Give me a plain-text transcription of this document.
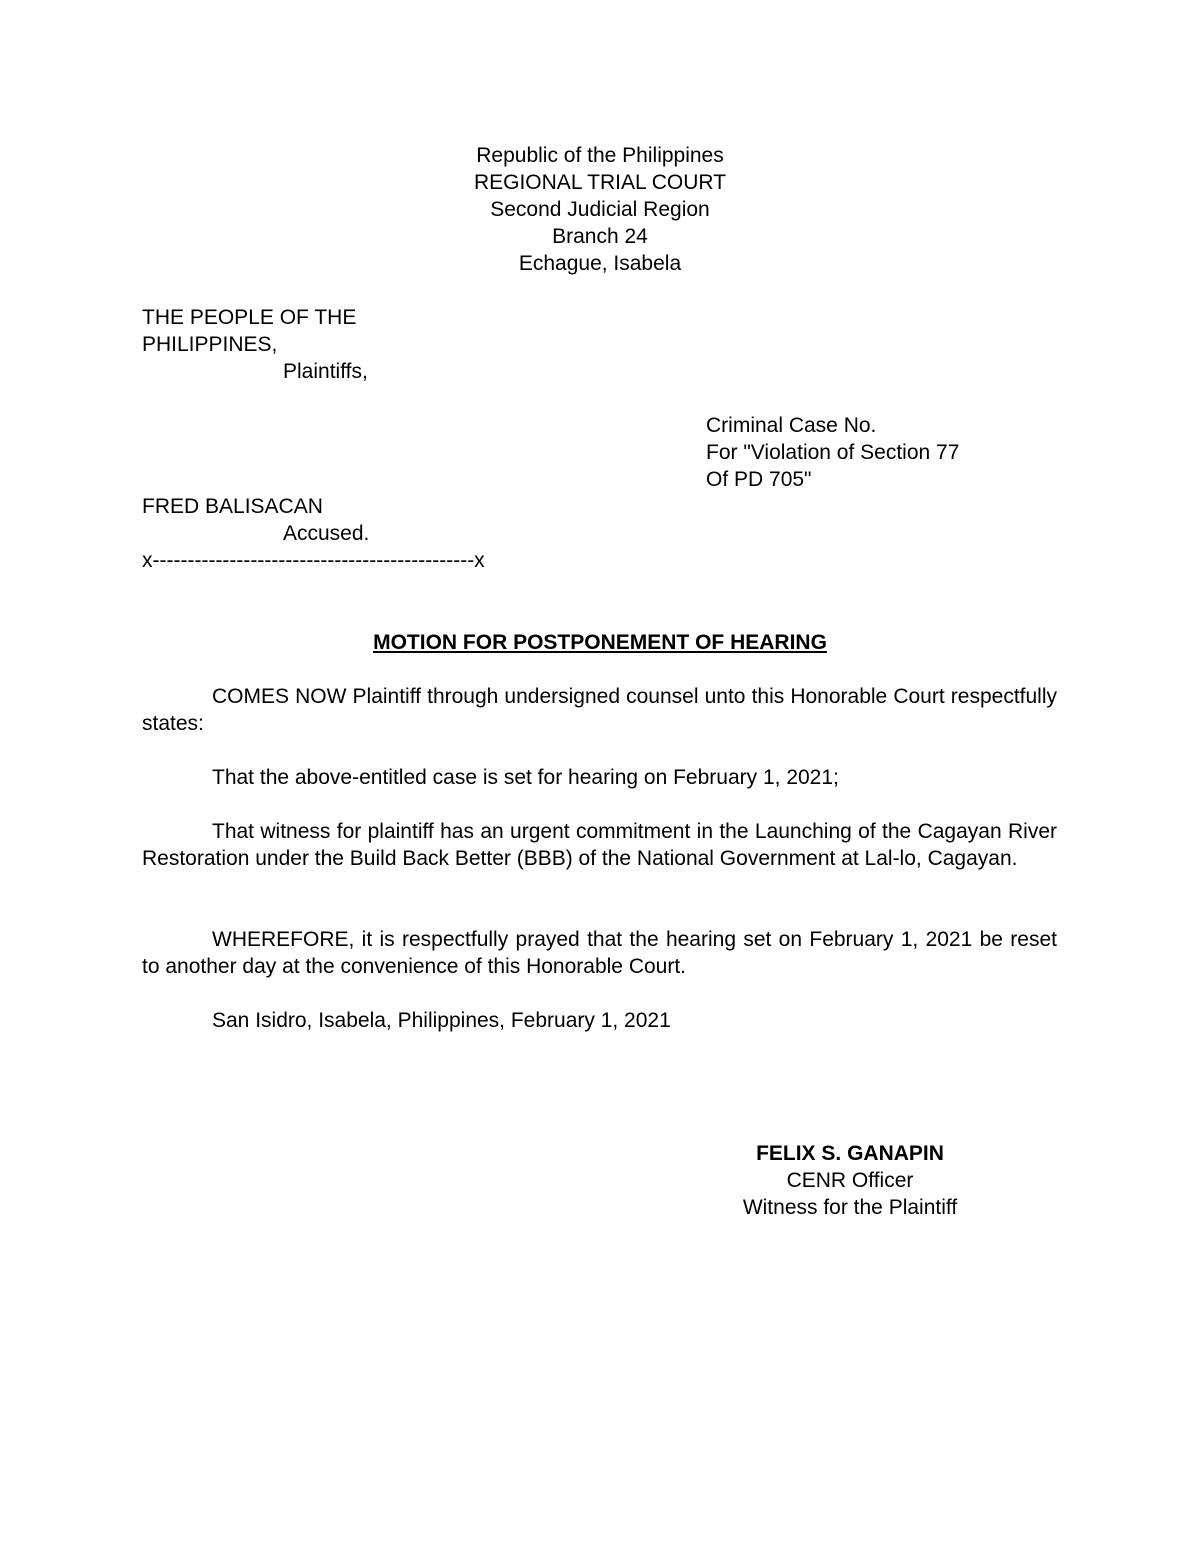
Republic of the Philippines
REGIONAL TRIAL COURT
Second Judicial Region
Branch 24
Echague, Isabela
THE PEOPLE OF THE
PHILIPPINES,
Plaintiffs,
Criminal Case No.
For "Violation of Section 77
Of PD 705"
FRED BALISACAN
Accused.
x----------------------------------------------x
MOTION FOR POSTPONEMENT OF HEARING

COMES NOW Plaintiff through undersigned counsel unto this Honorable Court respectfully states:

That the above-entitled case is set for hearing on February 1, 2021;

That witness for plaintiff has an urgent commitment in the Launching of the Cagayan River Restoration under the Build Back Better (BBB) of the National Government at Lal-lo, Cagayan.

WHEREFORE, it is respectfully prayed that the hearing set on February 1, 2021 be reset to another day at the convenience of this Honorable Court.

San Isidro, Isabela, Philippines, February 1, 2021

FELIX S. GANAPIN
CENR Officer
Witness for the Plaintiff
